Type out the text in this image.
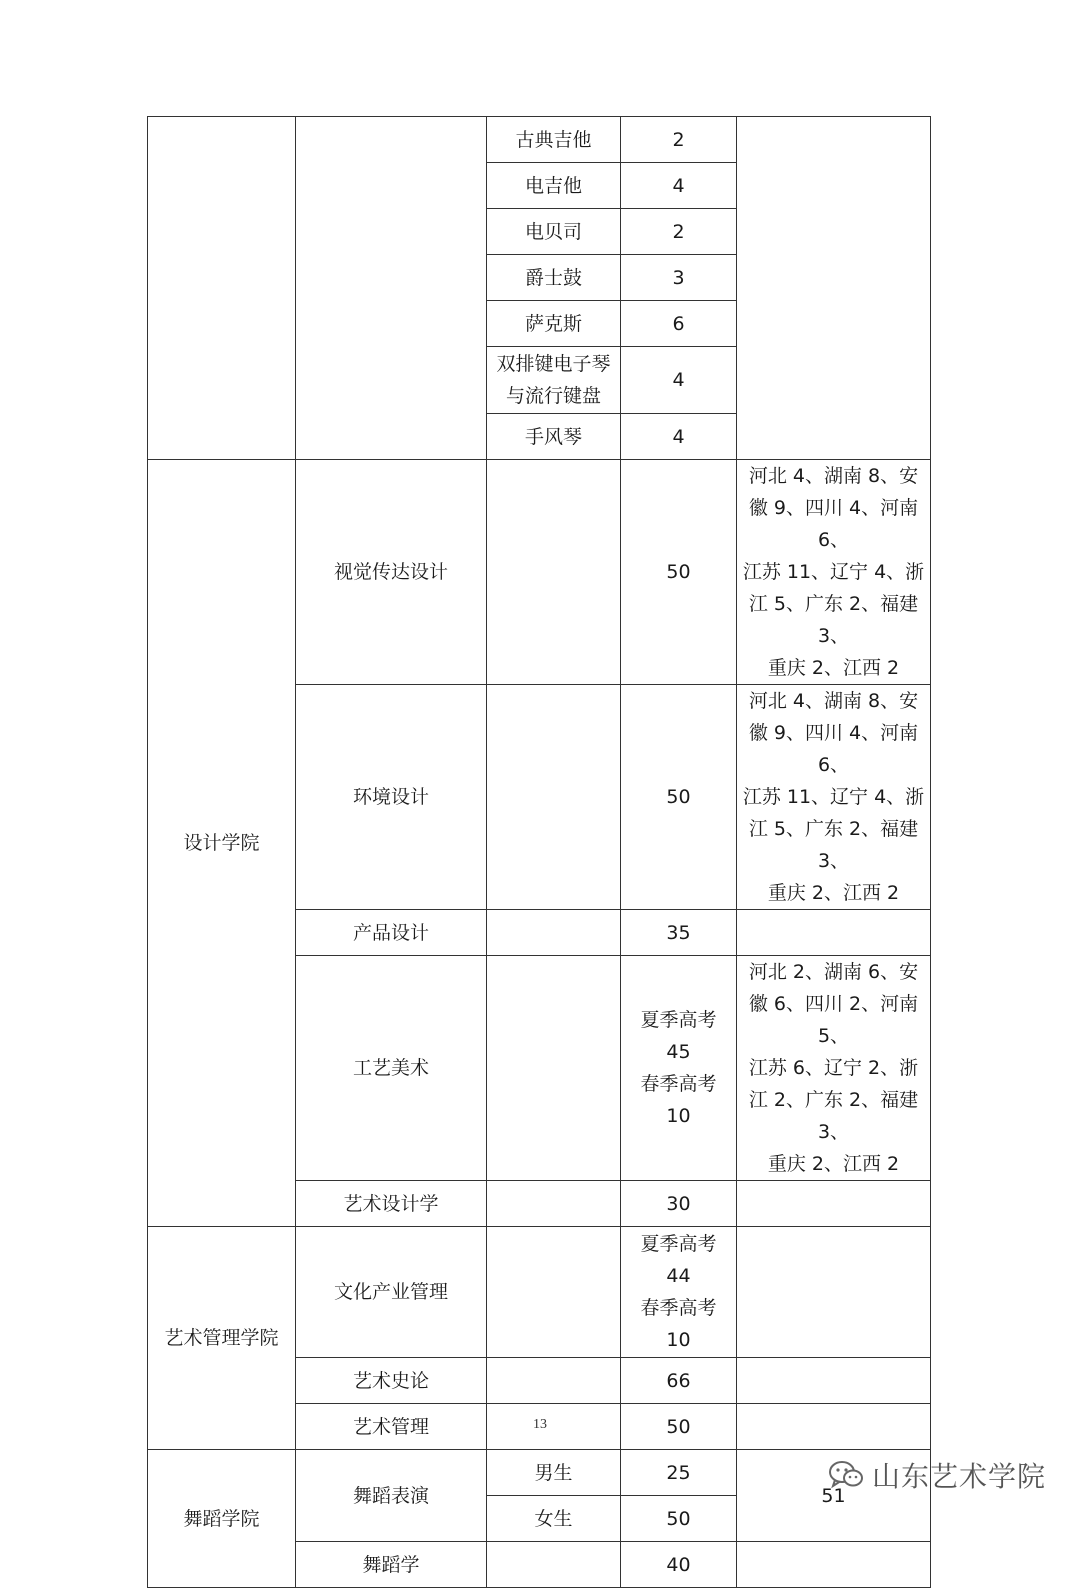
		古典吉他	2	
		电吉他	4	
		电贝司	2	
		爵士鼓	3	
		萨克斯	6	

		双排键电子琴
与流行键盘	4	
		手风琴	4	
设计学院	视觉传达设计		50	河北 4、湖南 8、安
徽 9、四川 4、河南 6、
江苏 11、辽宁 4、浙
江 5、广东 2、福建 3、
重庆 2、江西 2

	环境设计		50	河北 4、湖南 8、安
徽 9、四川 4、河南 6、
江苏 11、辽宁 4、浙
江 5、广东 2、福建 3、
重庆 2、江西 2

	产品设计		35	
	工艺美术		夏季高考
45
春季高考
10	河北 2、湖南 6、安
徽 6、四川 2、河南 5、
江苏 6、辽宁 2、浙
江 2、广东 2、福建 3、
重庆 2、江西 2

	艺术设计学		30	
艺术管理学院	文化产业管理		夏季高考
44
春季高考
10	

	艺术史论		66	
	艺术管理		50	
舞蹈学院	舞蹈表演	男生	25	51
		女生	50	
	舞蹈学		40	
13
山东艺术学院
